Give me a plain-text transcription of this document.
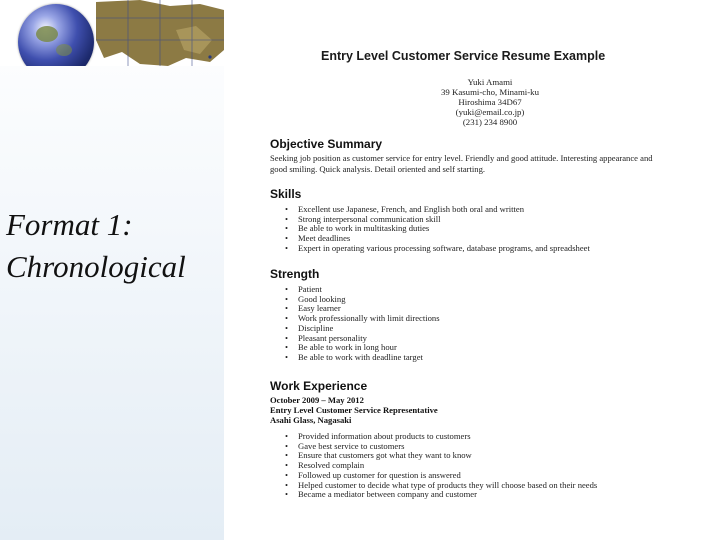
Format 1:
Chronological
Entry Level Customer Service Resume Example
Yuki Amami
39 Kasumi-cho, Minami-ku
Hiroshima 34D67
(yuki@email.co.jp)
(231) 234 8900
Objective Summary
Seeking job position as customer service for entry level. Friendly and good attitude. Interesting appearance and good smiling. Quick analysis. Detail oriented and self starting.
Skills
• Excellent use Japanese, French, and English both oral and written
• Strong interpersonal communication skill
• Be able to work in multitasking duties
• Meet deadlines
• Expert in operating various processing software, database programs, and spreadsheet
Strength
• Patient
• Good looking
• Easy learner
• Work professionally with limit directions
• Discipline
• Pleasant personality
• Be able to work in long hour
• Be able to work with deadline target
Work Experience
October 2009 – May 2012
Entry Level Customer Service Representative
Asahi Glass, Nagasaki
• Provided information about products to customers
• Gave best service to customers
• Ensure that customers got what they want to know
• Resolved complain
• Followed up customer for question is answered
• Helped customer to decide what type of products they will choose based on their needs
• Became a mediator between company and customer
